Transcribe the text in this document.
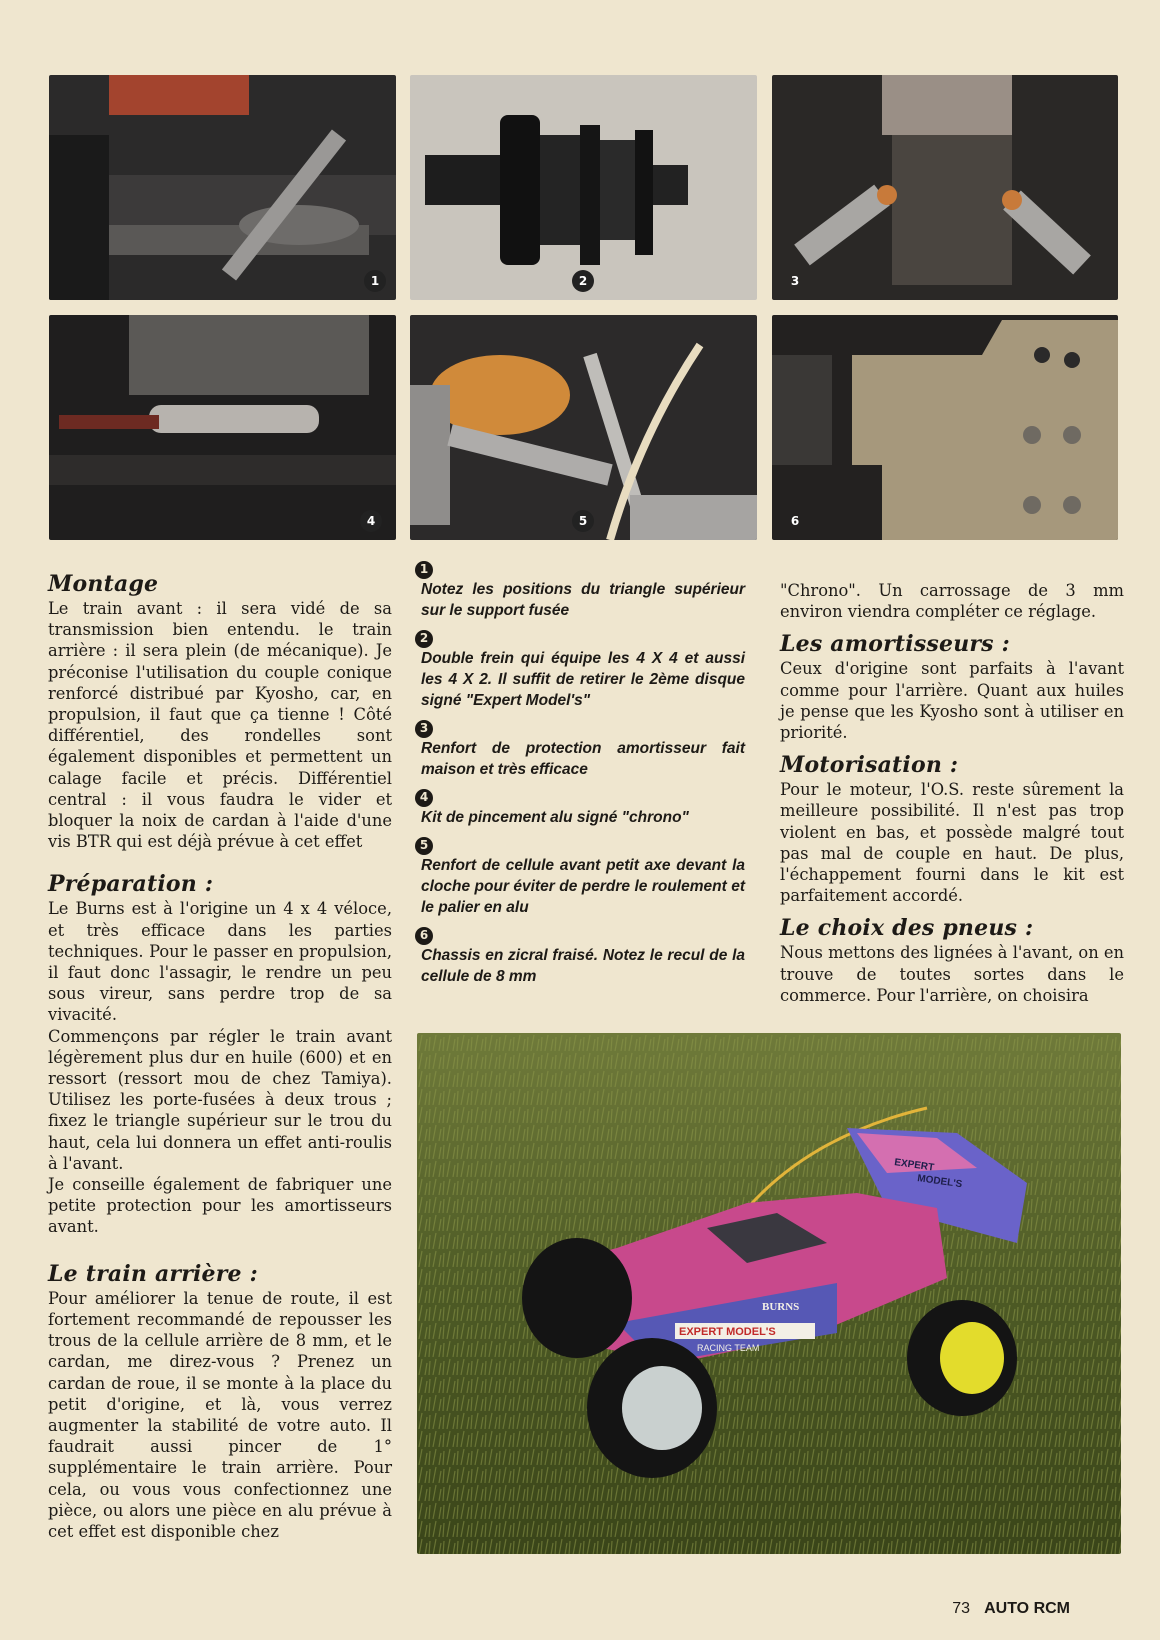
1	2	3
4	5	6
Montage

Le train avant : il sera vidé de sa transmission bien entendu. le train arrière : il sera plein (de mécanique). Je préconise l'utilisation du couple conique renforcé distribué par Kyosho, car, en propulsion, il faut que ça tienne ! Côté différentiel, des rondelles sont également disponibles et permettent un calage facile et précis. Différentiel central : il vous faudra le vider et bloquer la noix de cardan à l'aide d'une vis BTR qui est déjà prévue à cet effet

Préparation :

Le Burns est à l'origine un 4 x 4 véloce, et très efficace dans les parties techniques. Pour le passer en propulsion, il faut donc l'assagir, le rendre un peu sous vireur, sans perdre trop de sa vivacité.

Commençons par régler le train avant légèrement plus dur en huile (600) et en ressort (ressort mou de chez Tamiya). Utilisez les porte-fusées à deux trous ; fixez le triangle supérieur sur le trou du haut, cela lui donnera un effet anti-roulis à l'avant.

Je conseille également de fabriquer une petite protection pour les amortisseurs avant.

Le train arrière :

Pour améliorer la tenue de route, il est fortement recommandé de repousser les trous de la cellule arrière de 8 mm, et le cardan, me direz-vous ? Prenez un cardan de roue, il se monte à la place du petit d'origine, et là, vous verrez augmenter la stabilité de votre auto. Il faudrait aussi pincer de 1° supplémentaire le train arrière. Pour cela, ou vous vous confectionnez une pièce, ou alors une pièce en alu prévue à cet effet est disponible chez

1
Notez les positions du triangle supérieur sur le support fusée
2
Double frein qui équipe les 4 X 4 et aussi les 4 X 2. Il suffit de retirer le 2ème disque signé "Expert Model's"
3
Renfort de protection amortisseur fait maison et très efficace
4
Kit de pincement alu signé "chrono"
5
Renfort de cellule avant petit axe devant la cloche pour éviter de perdre le roulement et le palier en alu
6
Chassis en zicral fraisé. Notez le recul de la cellule de 8 mm

"Chrono". Un carrossage de 3 mm environ viendra compléter ce réglage.

Les amortisseurs :

Ceux d'origine sont parfaits à l'avant comme pour l'arrière. Quant aux huiles je pense que les Kyosho sont à utiliser en priorité.

Motorisation :

Pour le moteur, l'O.S. reste sûrement la meilleure possibilité. Il n'est pas trop violent en bas, et possède malgré tout pas mal de couple en haut. De plus, l'échappement fourni dans le kit est parfaitement accordé.

Le choix des pneus :

Nous mettons des lignées à l'avant, on en trouve de toutes sortes dans le commerce. Pour l'arrière, on choisira

EXPERT
MODEL'S
BURNS
EXPERT MODEL'S
RACING TEAM
73 AUTO RCM
